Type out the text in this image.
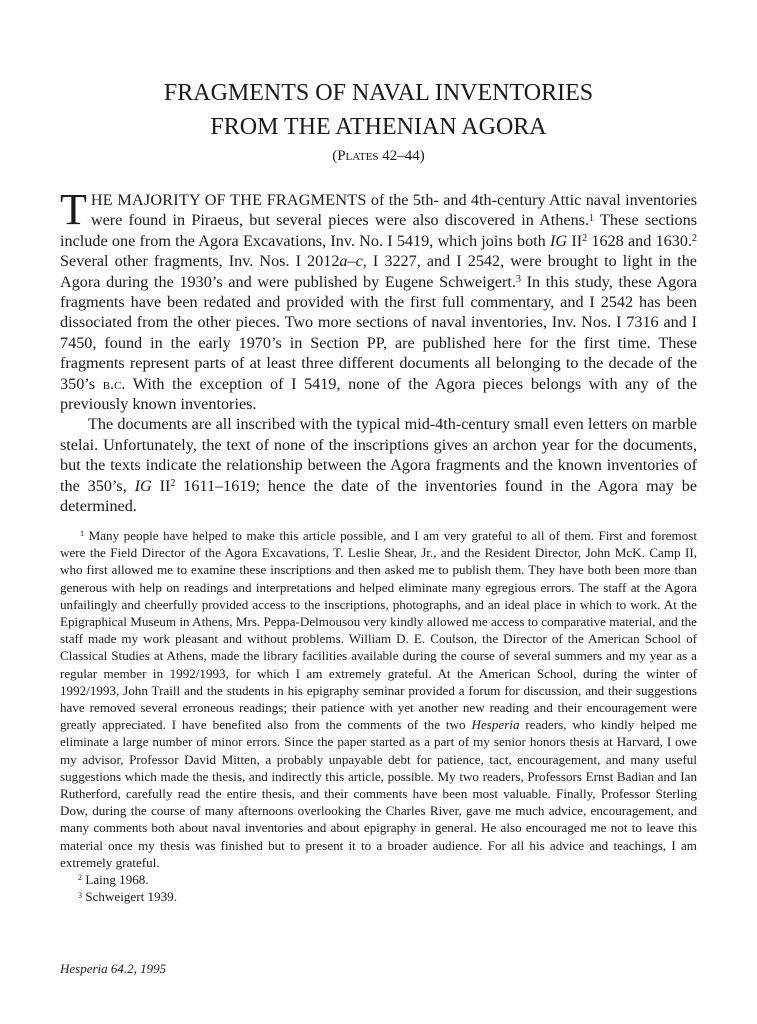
FRAGMENTS OF NAVAL INVENTORIES
FROM THE ATHENIAN AGORA

(Plates 42–44)

THE MAJORITY OF THE FRAGMENTS of the 5th- and 4th-century Attic naval inventories were found in Piraeus, but several pieces were also discovered in Athens.$^1$ These sections include one from the Agora Excavations, Inv. No. I 5419, which joins both IG $II^2$ 1628 and 1630.$^2$ Several other fragments, Inv. Nos. I 2012a–c, I 3227, and I 2542, were brought to light in the Agora during the 1930’s and were published by Eugene Schweigert.$^3$ In this study, these Agora fragments have been redated and provided with the first full commentary, and I 2542 has been dissociated from the other pieces. Two more sections of naval inventories, Inv. Nos. I 7316 and I 7450, found in the early 1970’s in Section PP, are published here for the first time. These fragments represent parts of at least three different documents all belonging to the decade of the 350’s b.c. With the exception of I 5419, none of the Agora pieces belongs with any of the previously known inventories.

The documents are all inscribed with the typical mid-4th-century small even letters on marble stelai. Unfortunately, the text of none of the inscriptions gives an archon year for the documents, but the texts indicate the relationship between the Agora fragments and the known inventories of the 350’s, IG $II^2$ 1611–1619; hence the date of the inventories found in the Agora may be determined.

$^1$ Many people have helped to make this article possible, and I am very grateful to all of them. First and foremost were the Field Director of the Agora Excavations, T. Leslie Shear, Jr., and the Resident Director, John McK. Camp II, who first allowed me to examine these inscriptions and then asked me to publish them. They have both been more than generous with help on readings and interpretations and helped eliminate many egregious errors. The staff at the Agora unfailingly and cheerfully provided access to the inscriptions, photographs, and an ideal place in which to work. At the Epigraphical Museum in Athens, Mrs. Peppa-Delmousou very kindly allowed me access to comparative material, and the staff made my work pleasant and without problems. William D. E. Coulson, the Director of the American School of Classical Studies at Athens, made the library facilities available during the course of several summers and my year as a regular member in 1992/1993, for which I am extremely grateful. At the American School, during the winter of 1992/1993, John Traill and the students in his epigraphy seminar provided a forum for discussion, and their suggestions have removed several erroneous readings; their patience with yet another new reading and their encouragement were greatly appreciated. I have benefited also from the comments of the two Hesperia readers, who kindly helped me eliminate a large number of minor errors. Since the paper started as a part of my senior honors thesis at Harvard, I owe my advisor, Professor David Mitten, a probably unpayable debt for patience, tact, encouragement, and many useful suggestions which made the thesis, and indirectly this article, possible. My two readers, Professors Ernst Badian and Ian Rutherford, carefully read the entire thesis, and their comments have been most valuable. Finally, Professor Sterling Dow, during the course of many afternoons overlooking the Charles River, gave me much advice, encouragement, and many comments both about naval inventories and about epigraphy in general. He also encouraged me not to leave this material once my thesis was finished but to present it to a broader audience. For all his advice and teachings, I am extremely grateful.

$^2$ Laing 1968.

$^3$ Schweigert 1939.

Hesperia 64.2, 1995
